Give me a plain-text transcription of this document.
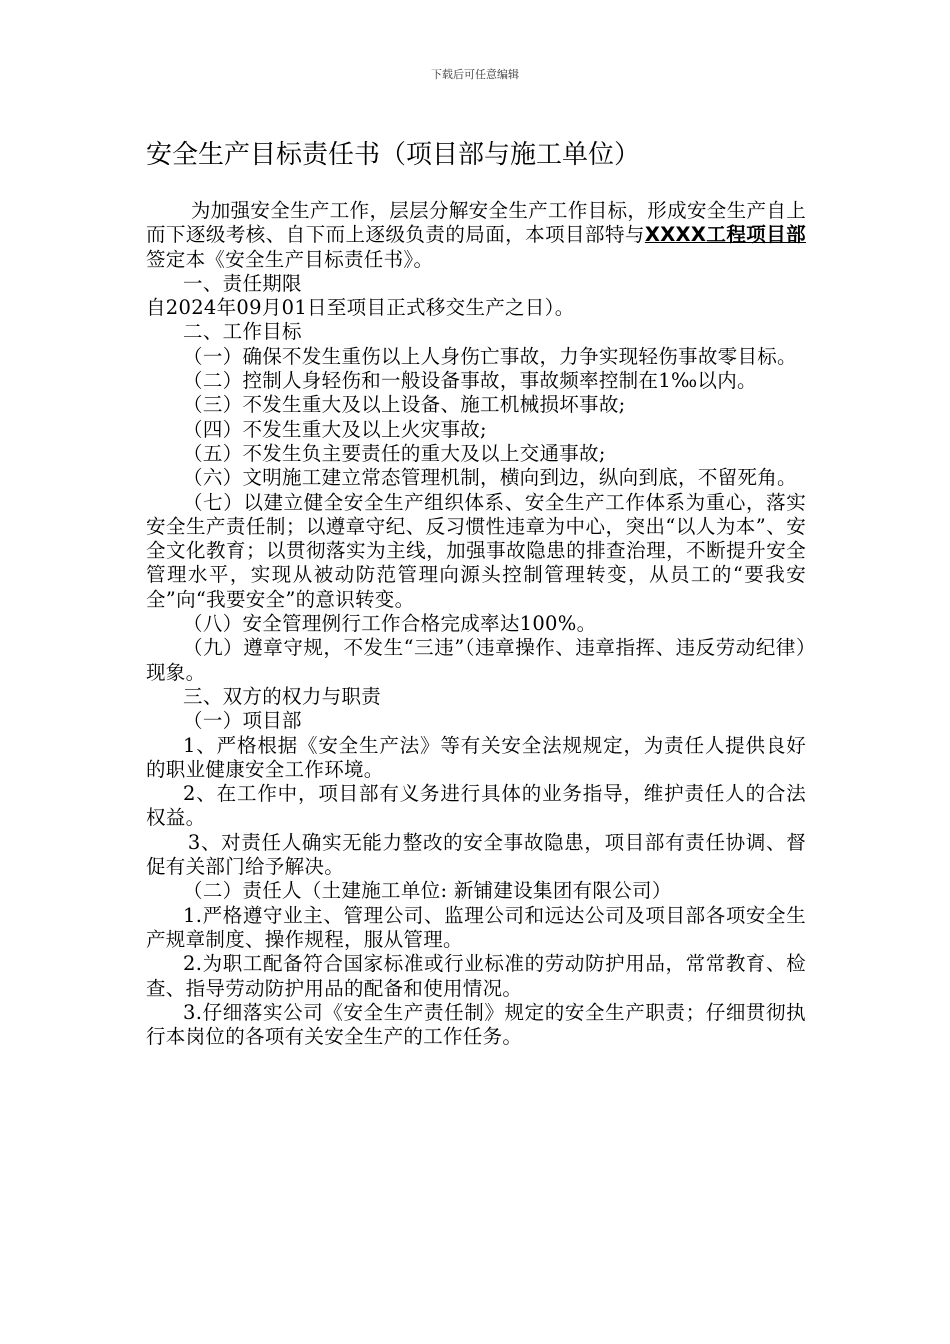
下载后可任意编辑
安全生产目标责任书（项目部与施工单位）

为加强安全生产工作，层层分解安全生产工作目标，形成安全生产自上而下逐级考核、自下而上逐级负责的局面，本项目部特与XXXX工程项目部签定本《安全生产目标责任书》。

一、责任期限

自2024年09月01日至项目正式移交生产之日）。

二、工作目标

（一）确保不发生重伤以上人身伤亡事故，力争实现轻伤事故零目标。

（二）控制人身轻伤和一般设备事故，事故频率控制在1‰以内。

（三）不发生重大及以上设备、施工机械损坏事故;

（四）不发生重大及以上火灾事故;

（五）不发生负主要责任的重大及以上交通事故;

（六）文明施工建立常态管理机制，横向到边，纵向到底，不留死角。

（七）以建立健全安全生产组织体系、安全生产工作体系为重心，落实安全生产责任制；以遵章守纪、反习惯性违章为中心，突出“以人为本”、安全文化教育；以贯彻落实为主线，加强事故隐患的排查治理，不断提升安全管理水平，实现从被动防范管理向源头控制管理转变，从员工的“要我安全”向“我要安全”的意识转变。

（八）安全管理例行工作合格完成率达100%。

（九）遵章守规，不发生“三违”（违章操作、违章指挥、违反劳动纪律）现象。

三、双方的权力与职责

（一）项目部

1、严格根据《安全生产法》等有关安全法规规定，为责任人提供良好的职业健康安全工作环境。

2、在工作中，项目部有义务进行具体的业务指导，维护责任人的合法权益。

3、对责任人确实无能力整改的安全事故隐患，项目部有责任协调、督促有关部门给予解决。

（二）责任人（土建施工单位: 新铺建设集团有限公司）

1.严格遵守业主、管理公司、监理公司和远达公司及项目部各项安全生产规章制度、操作规程，服从管理。

2.为职工配备符合国家标准或行业标准的劳动防护用品，常常教育、检查、指导劳动防护用品的配备和使用情况。

3.仔细落实公司《安全生产责任制》规定的安全生产职责；仔细贯彻执行本岗位的各项有关安全生产的工作任务。
